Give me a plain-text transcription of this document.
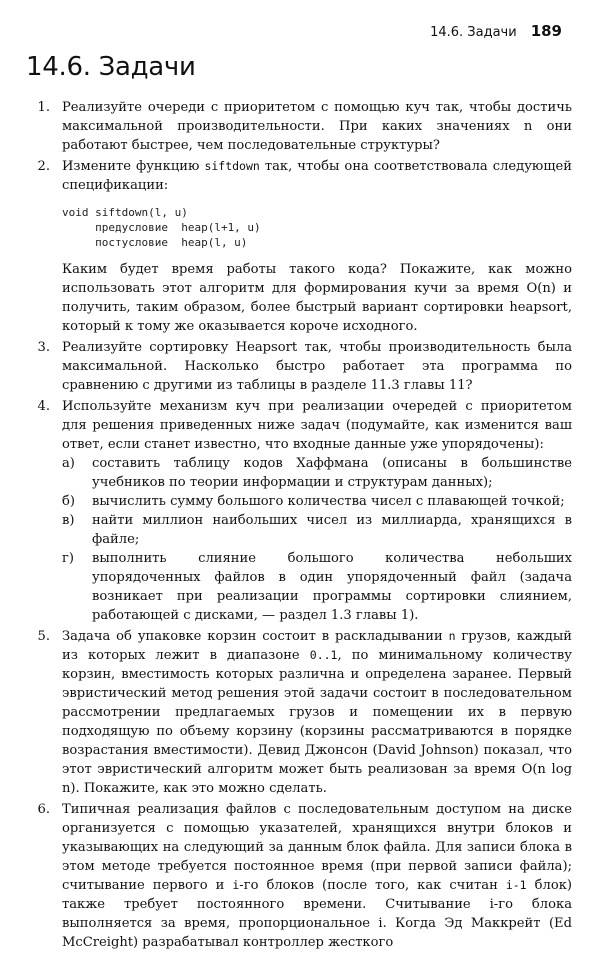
14.6. Задачи 189
14.6. Задачи
1. Реализуйте очереди с приоритетом с помощью куч так, чтобы достичь максимальной производительности. При каких значениях n они работают быстрее, чем последовательные структуры?

2. Измените функцию siftdown так, чтобы она соответствовала следующей спецификации:

void siftdown(l, u)
предусловие  heap(l+1, u)
постусловие  heap(l, u)

Каким будет время работы такого кода? Покажите, как можно использовать этот алгоритм для формирования кучи за время O(n) и получить, таким образом, более быстрый вариант сортировки heapsort, который к тому же оказывается короче исходного.

3. Реализуйте сортировку Heapsort так, чтобы производительность была максимальной. Насколько быстро работает эта программа по сравнению с другими из таблицы в разделе 11.3 главы 11?

4. Используйте механизм куч при реализации очередей с приоритетом для решения приведенных ниже задач (подумайте, как изменится ваш ответ, если станет известно, что входные данные уже упорядочены):

а) составить таблицу кодов Хаффмана (описаны в большинстве учебников по теории информации и структурам данных);
б) вычислить сумму большого количества чисел с плавающей точкой;
в) найти миллион наибольших чисел из миллиарда, хранящихся в файле;
г) выполнить слияние большого количества небольших упорядоченных файлов в один упорядоченный файл (задача возникает при реализации программы сортировки слиянием, работающей с дисками, — раздел 1.3 главы 1).
5. Задача об упаковке корзин состоит в раскладывании n грузов, каждый из которых лежит в диапазоне 0..1, по минимальному количеству корзин, вместимость которых различна и определена заранее. Первый эвристический метод решения этой задачи состоит в последовательном рассмотрении предлагаемых грузов и помещении их в первую подходящую по объему корзину (корзины рассматриваются в порядке возрастания вместимости). Девид Джонсон (David Johnson) показал, что этот эвристический алгоритм может быть реализован за время O(n log n). Покажите, как это можно сделать.

6. Типичная реализация файлов с последовательным доступом на диске организуется с помощью указателей, хранящихся внутри блоков и указывающих на следующий за данным блок файла. Для записи блока в этом методе требуется постоянное время (при первой записи файла); считывание первого и i-го блоков (после того, как считан i-1 блок) также требует постоянного времени. Считывание i-го блока выполняется за время, пропорциональное i. Когда Эд Маккрейт (Ed McCreight) разрабатывал контроллер жесткого
